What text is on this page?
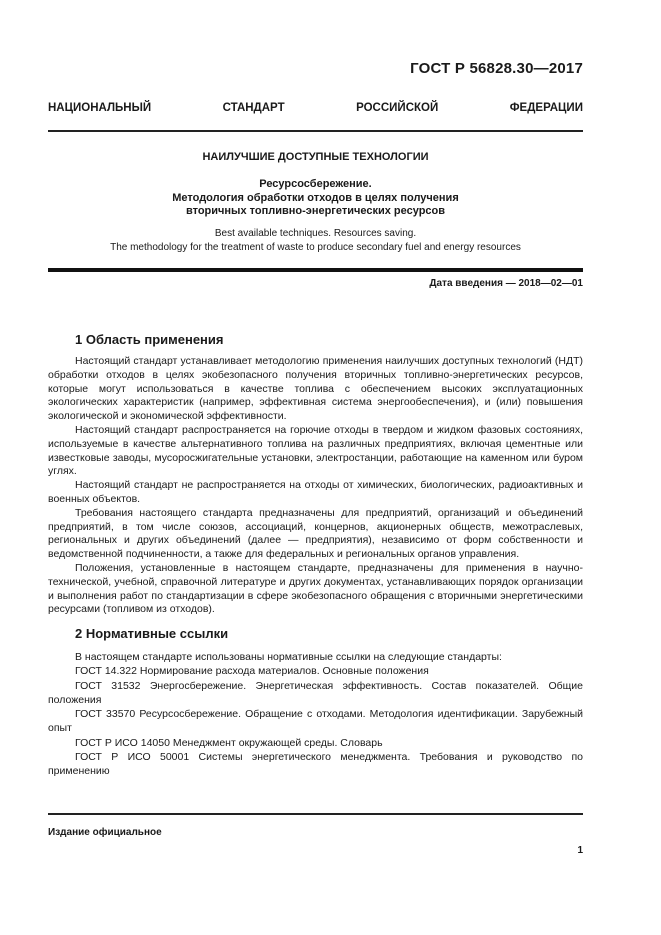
ГОСТ Р 56828.30—2017
НАЦИОНАЛЬНЫЙ	СТАНДАРТ	РОССИЙСКОЙ	ФЕДЕРАЦИИ
НАИЛУЧШИЕ ДОСТУПНЫЕ ТЕХНОЛОГИИ
Ресурсосбережение.
Методология обработки отходов в целях получения
вторичных топливно-энергетических ресурсов
Best available techniques. Resources saving.
The methodology for the treatment of waste to produce secondary fuel and energy resources
Дата введения — 2018—02—01
1 Область применения

Настоящий стандарт устанавливает методологию применения наилучших доступных технологий (НДТ) обработки отходов в целях экобезопасного получения вторичных топливно-энергетических ресурсов, которые могут использоваться в качестве топлива с обеспечением высоких эксплуатационных экологических характеристик (например, эффективная система энергообеспечения), и (или) повышения экологической и экономической эффективности.

Настоящий стандарт распространяется на горючие отходы в твердом и жидком фазовых состояниях, используемые в качестве альтернативного топлива на различных предприятиях, включая цементные или известковые заводы, мусоросжигательные установки, электростанции, работающие на каменном или буром углях.

Настоящий стандарт не распространяется на отходы от химических, биологических, радиоактивных и военных объектов.

Требования настоящего стандарта предназначены для предприятий, организаций и объединений предприятий, в том числе союзов, ассоциаций, концернов, акционерных обществ, межотраслевых, региональных и других объединений (далее — предприятия), независимо от форм собственности и ведомственной подчиненности, а также для федеральных и региональных органов управления.

Положения, установленные в настоящем стандарте, предназначены для применения в научно-технической, учебной, справочной литературе и других документах, устанавливающих порядок организации и выполнения работ по стандартизации в сфере экобезопасного обращения с вторичными энергетическими ресурсами (топливом из отходов).

2 Нормативные ссылки

В настоящем стандарте использованы нормативные ссылки на следующие стандарты:

ГОСТ 14.322 Нормирование расхода материалов. Основные положения

ГОСТ 31532 Энергосбережение. Энергетическая эффективность. Состав показателей. Общие положения

ГОСТ 33570 Ресурсосбережение. Обращение с отходами. Методология идентификации. Зарубежный опыт

ГОСТ Р ИСО 14050 Менеджмент окружающей среды. Словарь

ГОСТ Р ИСО 50001 Системы энергетического менеджмента. Требования и руководство по применению

Издание официальное
1
